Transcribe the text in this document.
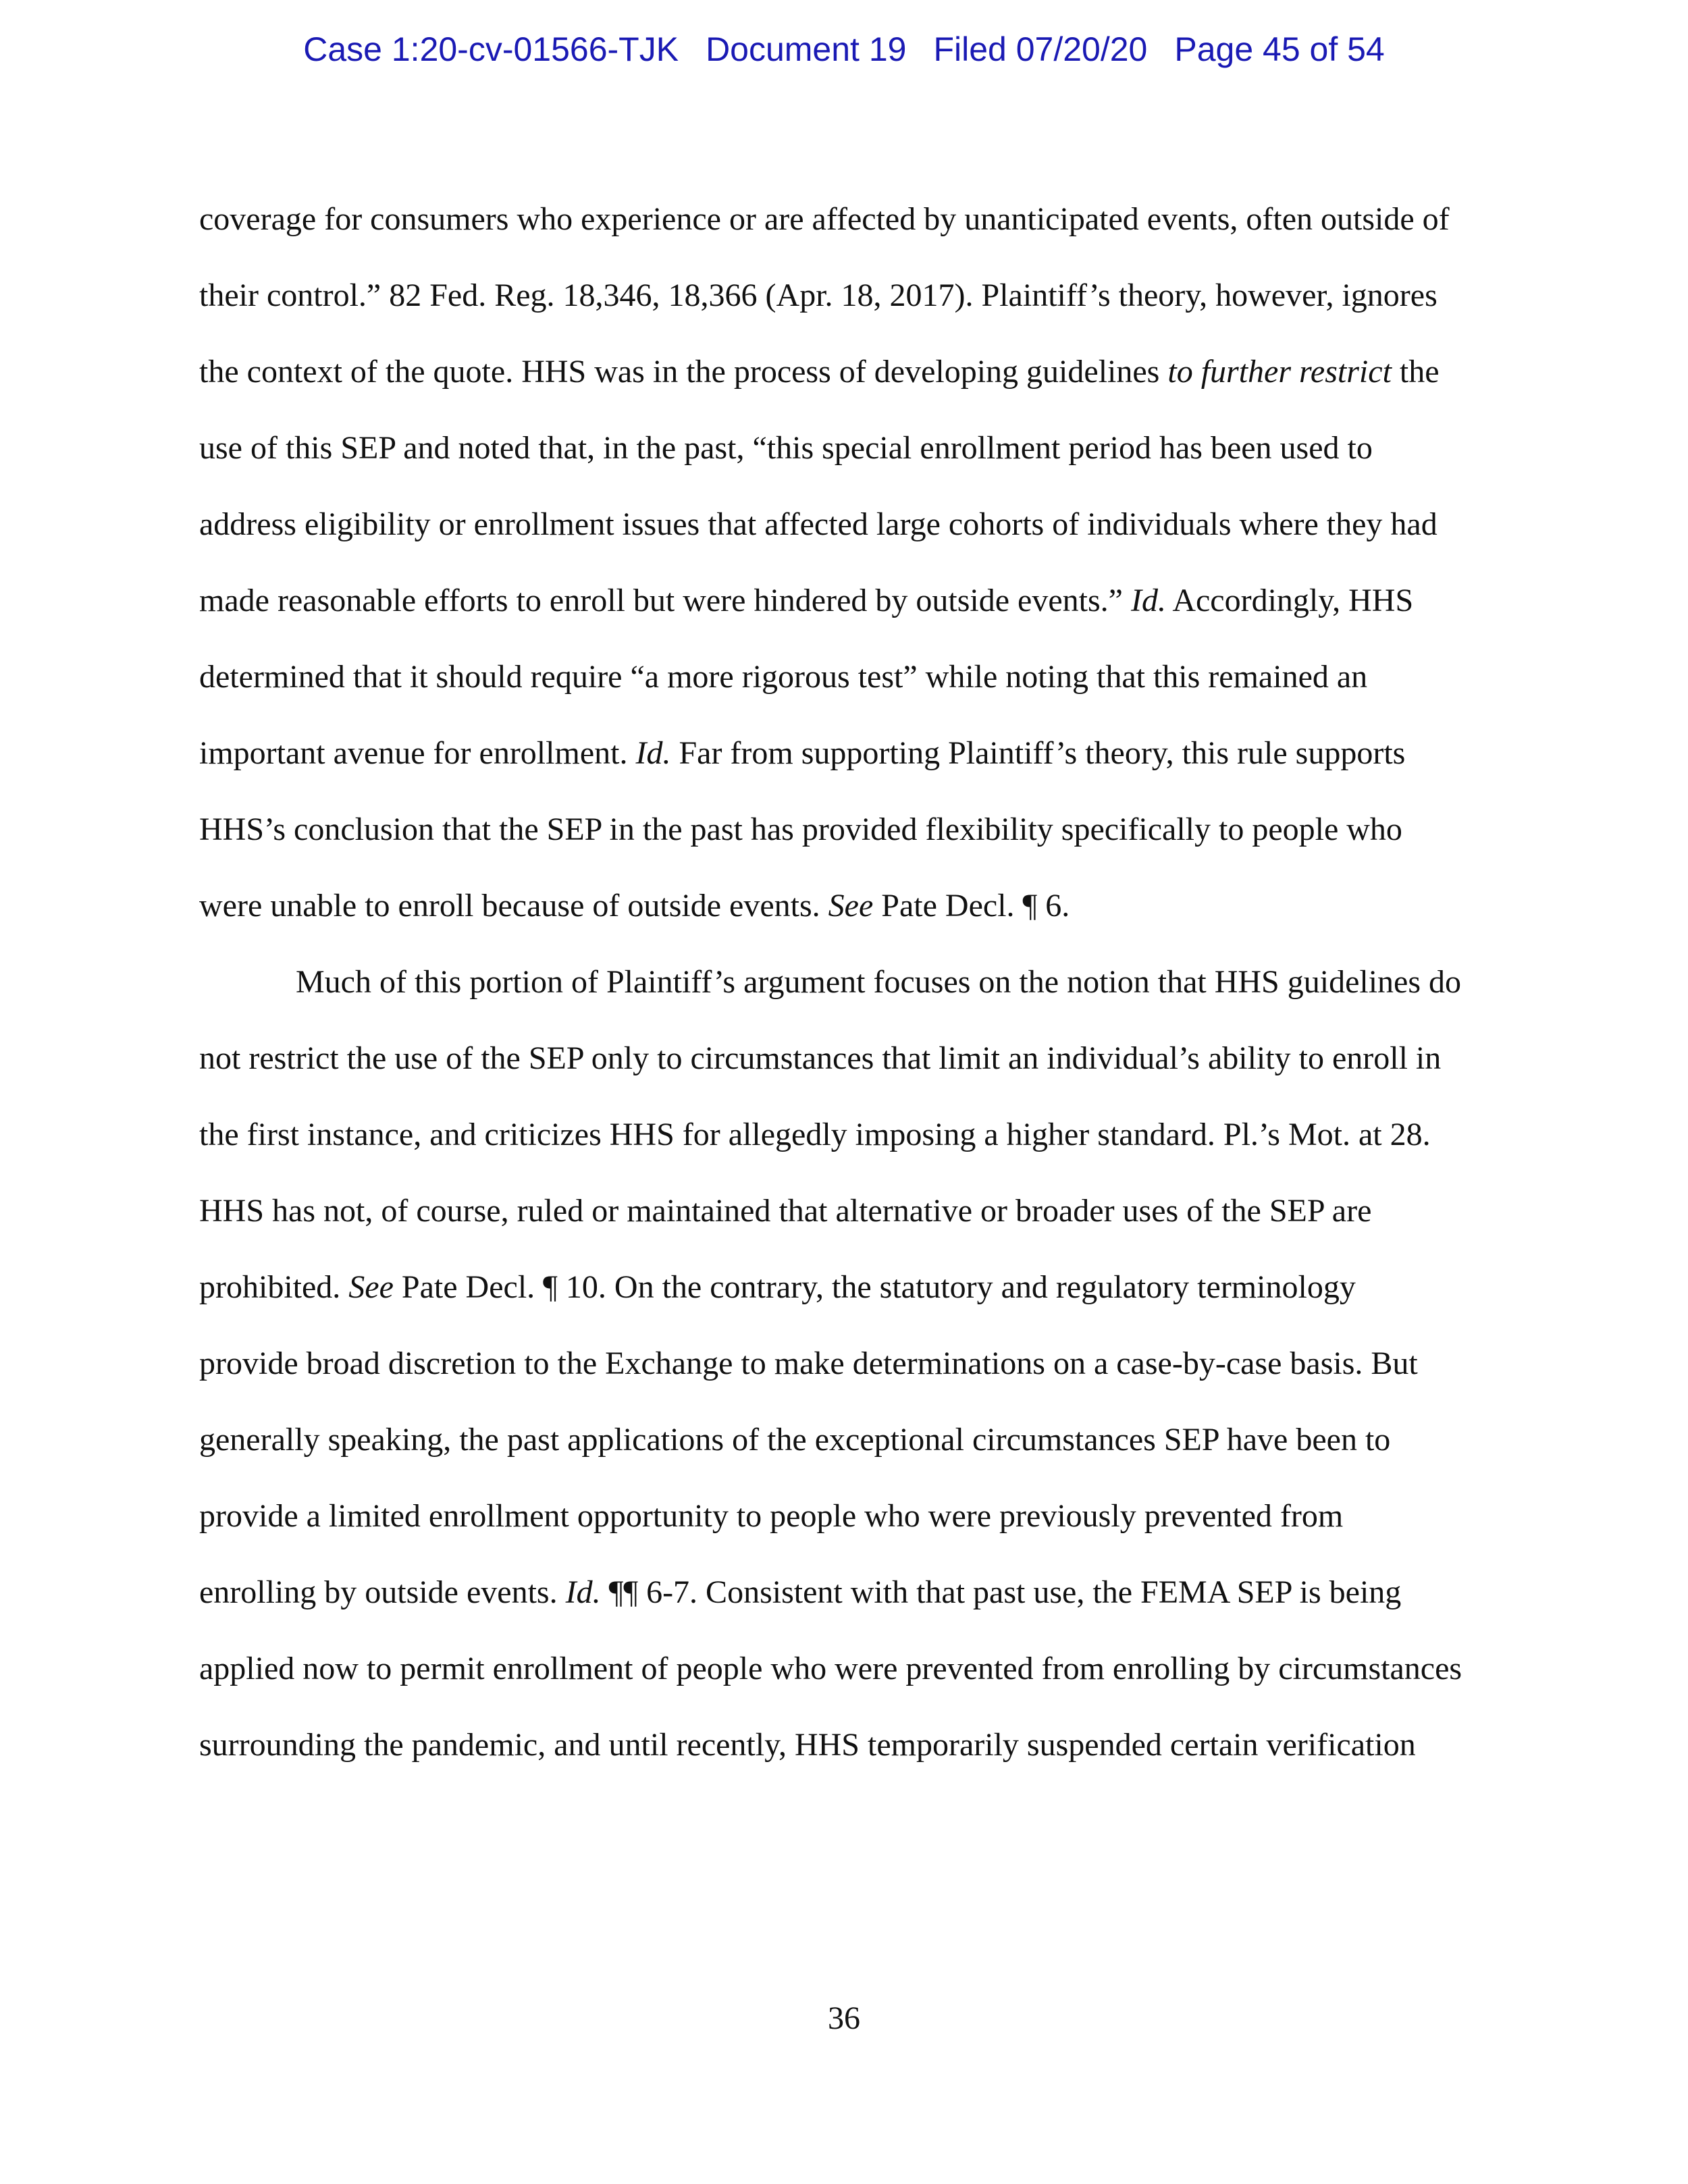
Case 1:20-cv-01566-TJK Document 19 Filed 07/20/20 Page 45 of 54
coverage for consumers who experience or are affected by unanticipated events, often outside of
their control.” 82 Fed. Reg. 18,346, 18,366 (Apr. 18, 2017). Plaintiff’s theory, however, ignores
the context of the quote. HHS was in the process of developing guidelines to further restrict the
use of this SEP and noted that, in the past, “this special enrollment period has been used to
address eligibility or enrollment issues that affected large cohorts of individuals where they had
made reasonable efforts to enroll but were hindered by outside events.” Id. Accordingly, HHS
determined that it should require “a more rigorous test” while noting that this remained an
important avenue for enrollment. Id. Far from supporting Plaintiff’s theory, this rule supports
HHS’s conclusion that the SEP in the past has provided flexibility specifically to people who
were unable to enroll because of outside events. See Pate Decl. ¶ 6.
Much of this portion of Plaintiff’s argument focuses on the notion that HHS guidelines do
not restrict the use of the SEP only to circumstances that limit an individual’s ability to enroll in
the first instance, and criticizes HHS for allegedly imposing a higher standard. Pl.’s Mot. at 28.
HHS has not, of course, ruled or maintained that alternative or broader uses of the SEP are
prohibited. See Pate Decl. ¶ 10. On the contrary, the statutory and regulatory terminology
provide broad discretion to the Exchange to make determinations on a case-by-case basis. But
generally speaking, the past applications of the exceptional circumstances SEP have been to
provide a limited enrollment opportunity to people who were previously prevented from
enrolling by outside events. Id. ¶¶ 6-7. Consistent with that past use, the FEMA SEP is being
applied now to permit enrollment of people who were prevented from enrolling by circumstances
surrounding the pandemic, and until recently, HHS temporarily suspended certain verification
36
